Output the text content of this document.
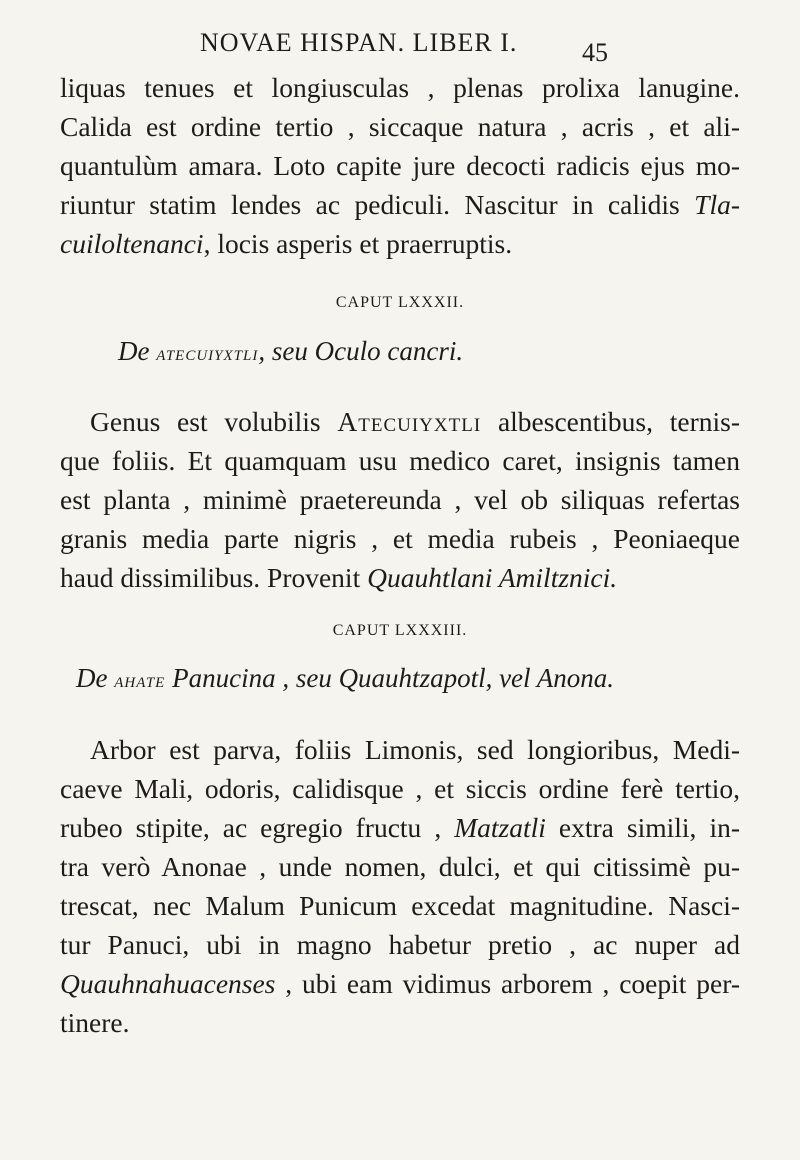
NOVAE HISPAN. LIBER I. 45
liquas tenues et longiusculas , plenas prolixa lanugine.
Calida est ordine tertio , siccaque natura , acris , et ali-
quantulùm amara. Loto capite jure decocti radicis ejus mo-
riuntur statim lendes ac pediculi. Nascitur in calidis Tla-
cuiloltenanci, locis asperis et praerruptis.
CAPUT LXXXII.
De atecuiyxtli, seu Oculo cancri.
Genus est volubilis Atecuiyxtli albescentibus, ternis-
que foliis. Et quamquam usu medico caret, insignis tamen
est planta , minimè praetereunda , vel ob siliquas refertas
granis media parte nigris , et media rubeis , Peoniaeque
haud dissimilibus. Provenit Quauhtlani Amiltznici.
CAPUT LXXXIII.
De ahate Panucina , seu Quauhtzapotl, vel Anona.
Arbor est parva, foliis Limonis, sed longioribus, Medi-
caeve Mali, odoris, calidisque , et siccis ordine ferè tertio,
rubeo stipite, ac egregio fructu , Matzatli extra simili, in-
tra verò Anonae , unde nomen, dulci, et qui citissimè pu-
trescat, nec Malum Punicum excedat magnitudine. Nasci-
tur Panuci, ubi in magno habetur pretio , ac nuper ad
Quauhnahuacenses , ubi eam vidimus arborem , coepit per-
tinere.
